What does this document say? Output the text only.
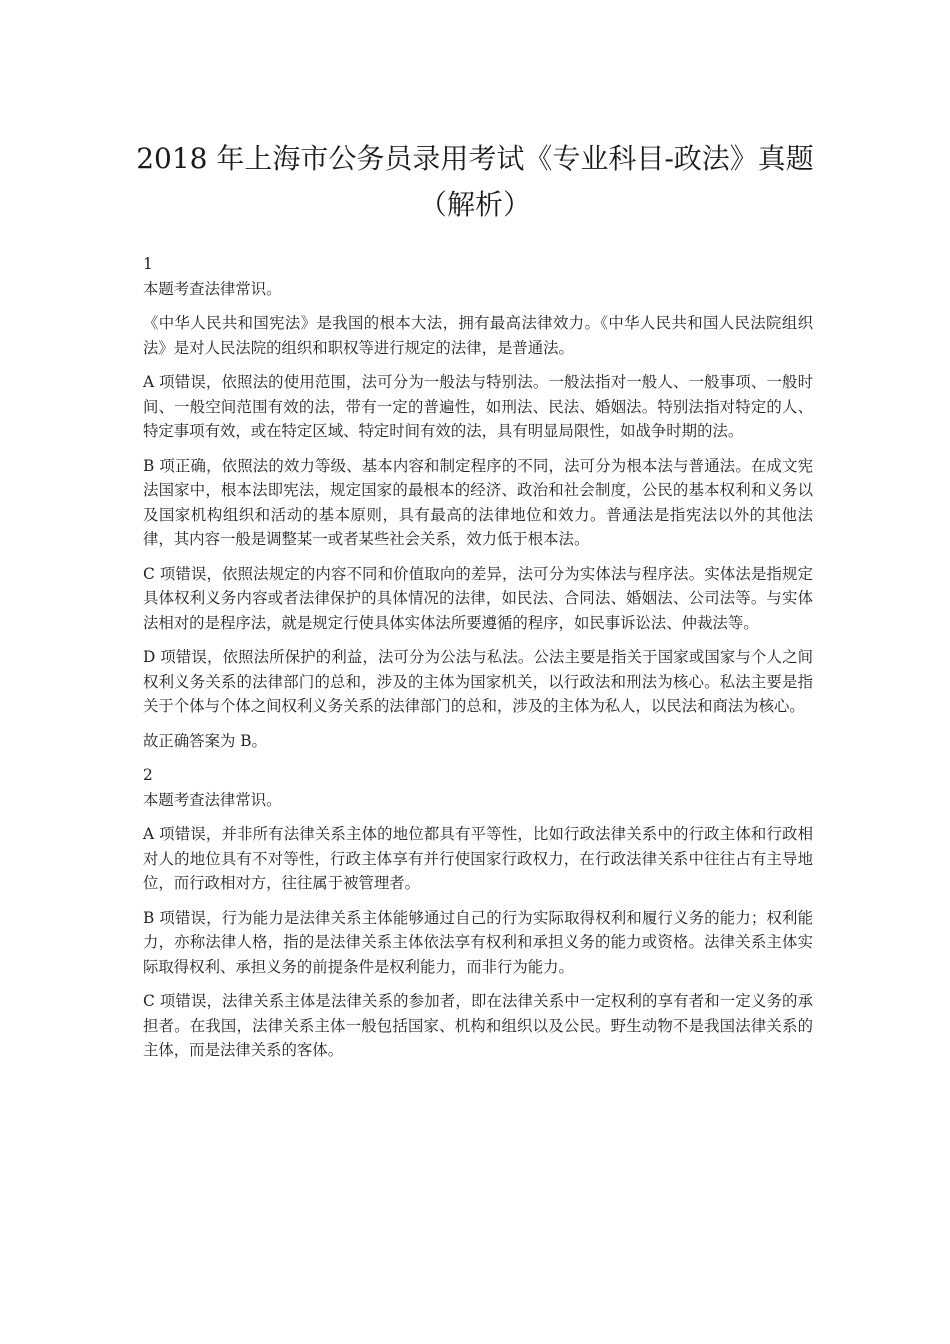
2018 年上海市公务员录用考试《专业科目-政法》真题（解析）

1

本题考查法律常识。

《中华人民共和国宪法》是我国的根本大法，拥有最高法律效力。《中华人民共和国人民法院组织法》是对人民法院的组织和职权等进行规定的法律，是普通法。

A 项错误，依照法的使用范围，法可分为一般法与特别法。一般法指对一般人、一般事项、一般时间、一般空间范围有效的法，带有一定的普遍性，如刑法、民法、婚姻法。特别法指对特定的人、特定事项有效，或在特定区域、特定时间有效的法，具有明显局限性，如战争时期的法。

B 项正确，依照法的效力等级、基本内容和制定程序的不同，法可分为根本法与普通法。在成文宪法国家中，根本法即宪法，规定国家的最根本的经济、政治和社会制度，公民的基本权利和义务以及国家机构组织和活动的基本原则，具有最高的法律地位和效力。普通法是指宪法以外的其他法律，其内容一般是调整某一或者某些社会关系，效力低于根本法。

C 项错误，依照法规定的内容不同和价值取向的差异，法可分为实体法与程序法。实体法是指规定具体权利义务内容或者法律保护的具体情况的法律，如民法、合同法、婚姻法、公司法等。与实体法相对的是程序法，就是规定行使具体实体法所要遵循的程序，如民事诉讼法、仲裁法等。

D 项错误，依照法所保护的利益，法可分为公法与私法。公法主要是指关于国家或国家与个人之间权利义务关系的法律部门的总和，涉及的主体为国家机关，以行政法和刑法为核心。私法主要是指关于个体与个体之间权利义务关系的法律部门的总和，涉及的主体为私人，以民法和商法为核心。

故正确答案为 B。

2

本题考查法律常识。

A 项错误，并非所有法律关系主体的地位都具有平等性，比如行政法律关系中的行政主体和行政相对人的地位具有不对等性，行政主体享有并行使国家行政权力，在行政法律关系中往往占有主导地位，而行政相对方，往往属于被管理者。

B 项错误，行为能力是法律关系主体能够通过自己的行为实际取得权利和履行义务的能力；权利能力，亦称法律人格，指的是法律关系主体依法享有权利和承担义务的能力或资格。法律关系主体实际取得权利、承担义务的前提条件是权利能力，而非行为能力。

C 项错误，法律关系主体是法律关系的参加者，即在法律关系中一定权利的享有者和一定义务的承担者。在我国，法律关系主体一般包括国家、机构和组织以及公民。野生动物不是我国法律关系的主体，而是法律关系的客体。
